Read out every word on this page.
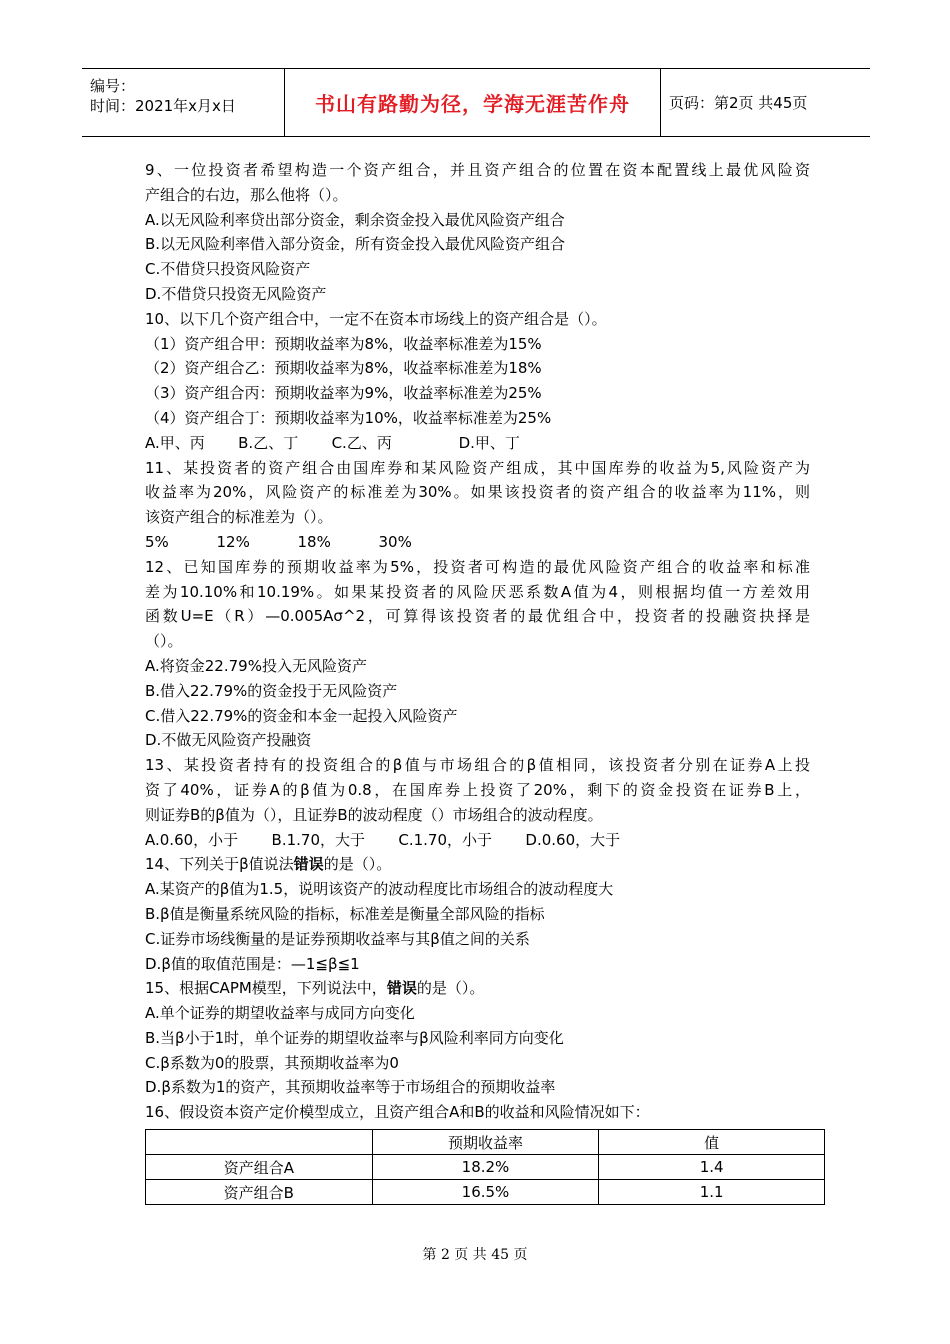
编号：
时间：2021年x月x日	书山有路勤为径，学海无涯苦作舟	页码：第2页 共45页
9、一位投资者希望构造一个资产组合，并且资产组合的位置在资本配置线上最优风险资
产组合的右边，那么他将（）。
A.以无风险利率贷出部分资金，剩余资金投入最优风险资产组合
B.以无风险利率借入部分资金，所有资金投入最优风险资产组合
C.不借贷只投资风险资产
D.不借贷只投资无风险资产
10、以下几个资产组合中，一定不在资本市场线上的资产组合是（）。
（1）资产组合甲：预期收益率为8%，收益率标准差为15%
（2）资产组合乙：预期收益率为8%，收益率标准差为18%
（3）资产组合丙：预期收益率为9%，收益率标准差为25%
（4）资产组合丁：预期收益率为10%，收益率标准差为25%
A.甲、丙       B.乙、丁       C.乙、丙              D.甲、丁
11、某投资者的资产组合由国库券和某风险资产组成，其中国库券的收益为5,风险资产为
收益率为20%，风险资产的标准差为30%。如果该投资者的资产组合的收益率为11%，则
该资产组合的标准差为（）。
5%          12%          18%          30%
12、已知国库券的预期收益率为5%，投资者可构造的最优风险资产组合的收益率和标准
差为10.10%和10.19%。如果某投资者的风险厌恶系数A值为4，则根据均值一方差效用
函数U=E（R）—0.005Aσ^2，可算得该投资者的最优组合中，投资者的投融资抉择是
（）。
A.将资金22.79%投入无风险资产
B.借入22.79%的资金投于无风险资产
C.借入22.79%的资金和本金一起投入风险资产
D.不做无风险资产投融资
13、某投资者持有的投资组合的β值与市场组合的β值相同，该投资者分别在证券A上投
资了40%，证券A的β值为0.8，在国库券上投资了20%，剩下的资金投资在证券B上，
则证券B的β值为（），且证券B的波动程度（）市场组合的波动程度。
A.0.60，小于       B.1.70，大于       C.1.70，小于       D.0.60，大于
14、下列关于β值说法错误的是（）。
A.某资产的β值为1.5，说明该资产的波动程度比市场组合的波动程度大
B.β值是衡量系统风险的指标，标准差是衡量全部风险的指标
C.证券市场线衡量的是证券预期收益率与其β值之间的关系
D.β值的取值范围是：—1≦β≦1
15、根据CAPM模型，下列说法中，错误的是（）。
A.单个证券的期望收益率与成同方向变化
B.当β小于1时，单个证券的期望收益率与β风险利率同方向变化
C.β系数为0的股票，其预期收益率为0
D.β系数为1的资产，其预期收益率等于市场组合的预期收益率
16、假设资本资产定价模型成立，且资产组合A和B的收益和风险情况如下：
	预期收益率	值
资产组合A	18.2%	1.4
资产组合B	16.5%	1.1
第 2 页 共 45 页
